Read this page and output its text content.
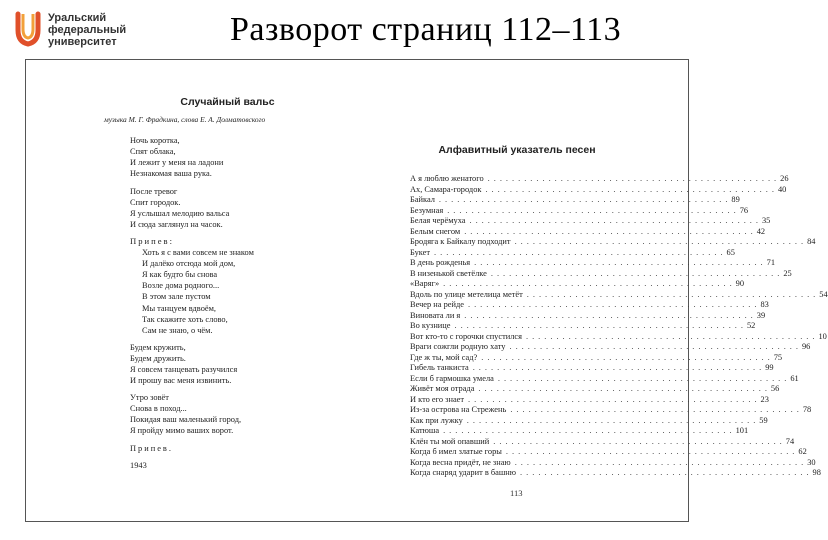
Уральский
федеральный
университет	Разворот страниц 112–113
Случайный вальс
музыка М. Г. Фрадкина, слова Е. А. Долматовского
Ночь коротка,
Спят облака,
И лежит у меня на ладони
Незнакомая ваша рука.
После тревог
Спит городок.
Я услышал мелодию вальса
И сюда заглянул на часок.
Припев:
Хоть я с вами совсем не знаком
И далёко отсюда мой дом,
Я как будто бы снова
Возле дома родного...
В этом зале пустом
Мы танцуем вдвоём,
Так скажите хоть слово,
Сам не знаю, о чём.
Будем кружить,
Будем дружить.
Я совсем танцевать разучился
И прошу вас меня извинить.
Утро зовёт
Снова в поход...
Покидая ваш маленький город,
Я пройду мимо ваших ворот.
Припев.
1943
Алфавитный указатель песен
А я люблю женатого ................................................ 26
Ах, Самара-городок ................................................ 40
Байкал ................................................ 89
Безумная ................................................ 76
Белая черёмуха ................................................ 35
Белым снегом ................................................ 42
Бродяга к Байкалу подходит ................................................ 84
Букет ................................................ 65
В день рожденья ................................................ 71
В низенькой светёлке ................................................ 25
«Варяг» ................................................ 90
Вдоль по улице метелица метёт ................................................ 54
Вечер на рейде ................................................ 83
Виновата ли я ................................................ 39
Во кузнице ................................................ 52
Вот кто-то с горочки спустился ................................................ 10
Враги сожгли родную хату ................................................ 96
Где ж ты, мой сад? ................................................ 75
Гибель танкиста ................................................ 99
Если б гармошка умела ................................................ 61
Живёт моя отрада ................................................ 56
И кто его знает ................................................ 23
Из-за острова на Стрежень ................................................ 78
Как при лужку ................................................ 59
Катюша ................................................ 101
Клён ты мой опавший ................................................ 74
Когда б имел златые горы ................................................ 62
Когда весна придёт, не знаю ................................................ 30
Когда снаряд ударит в башню ................................................ 98
113
